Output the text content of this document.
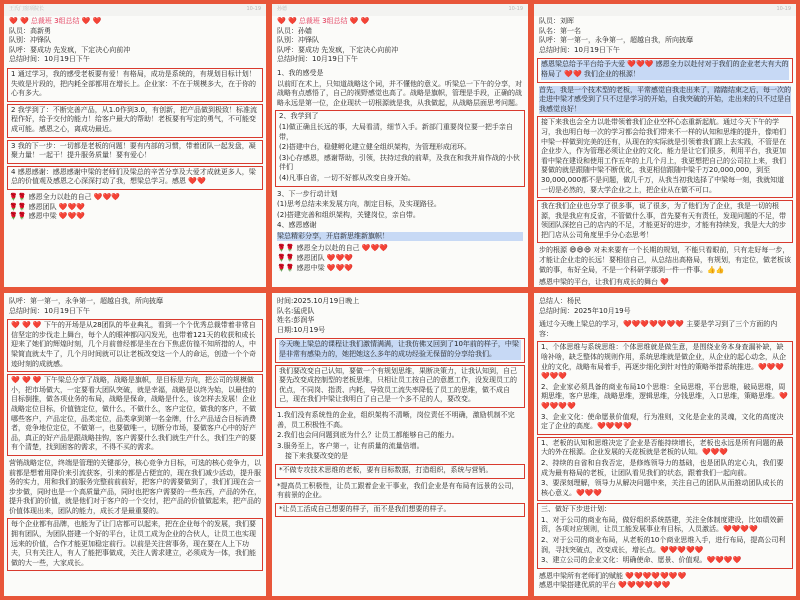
王氏门窗项院长	10-19
❤️ ❤️ 总裁班 3组总结 ❤️ ❤️
队员：高新勇
队别：冲锋队
队呼：要成功 先发疯，下定决心向前冲
总结时间：10月19日下午

1 通过学习，我的感受老板要有爱！有格局，成功是系统的，有规划目标计划！失败是片段的，把内耗全部都用在增长上。企业家：不在于规模多大，在于你的心有多大。

2 我学到了：不断完善产品，从1.0作到3.0，有创新，把产品做到极致！标准流程作好，给予交付的能力！给客户最大的帮助！老板要有写定的勇气，不可能变成可能。感恩之心，离成功最近。

3 我的下一步：一切都是老板的问题！要有内部的习惯，带着团队一起发盘，凝聚力量！一起干！提升服务质量！要有爱心！

4 感恩感谢：感恩感谢中梁的老师们及梁总的辛苦分享及大爱才成就更多人，梁总的价值观及感恩之心深深打动了我，想梁总学习。感恩 ❤️❤️

🌹🌹 感恩全力以赴的自己 ❤️❤️❤️
🌹🌹 感恩团队 ❤️❤️❤️
🌹🌹 感恩中梁 ❤️❤️❤️
孙德	10-19
❤️ ❤️ 总裁班 3组总结 ❤️ ❤️
队员：孙嫱
队别：冲锋队
队呼：要成功 先发疯，下定决心向前冲
总结时间：10月19日下午

1、我的感受是

以前盯在术上，只知道战略这个词，并不懂他的意义。听梁总一下午的分享，对战略有点感悟了，自己的视野感觉也高了。战略是旗帜，管理是手段，正确的战略永远是第一位，企业现状一切根源就是我，从我做起，从战略层面思考问题。

2、我学到了

(1)做正确且长远的事，大局看清，细节入手。新部门重要岗位要一把手亲自带，

(2)搭建中台，稳健孵化建立健全组织架构，为管理形成闭环。

(3)心存感恩，感谢帮助，引领，扶持过我的前辈，及我在和我并肩作战的小伙伴们

(4)凡事自省，一切不好都从改变自身开始。

3、下一步行动计划

(1)思考总结未来发展方向，制定目标，及实现路径。

(2)搭建完善和组织架构，关键岗位，亲自带。

4、感恩感谢

梁总精彩分享，开启新思维新旗帜！

🌹🌹 感恩全力以赴的自己 ❤️❤️❤️
🌹🌹 感恩团队 ❤️❤️❤️
🌹🌹 感恩中梁 ❤️❤️❤️
10-19
队员：刘晖
队名：第一名
队呼：第一第一，永争第一，超越自我，所向披靡
总结时间：10月19日下午

感恩梁总给予平台给予大爱 ❤️❤️❤️ 感恩全力以赴付对于我们的企业老大有大的格局了 ❤️❤️ 我们企业的根源！

首先，我是一个技术型的老板，平常感觉自我走出来了，踏踏结束之后，每一次的走进中梁才感受到了只不过是学习的开始，自我突破的开始，走出来的只不过是自我感觉良好！

接下来我也会全力以赴带领着我们企业空杯心态重新起航。通过今天下午的学习，我也明白每一次的学习都会给我们带来不一样的认知和思维的提升，像咱们中梁一样做到完美的还有，从现在的实际就是引领着我们跟上去实践，不管是在企业步入，作为管理必须让企业的文化、能力是让它们很多，利用平台，我更加看中梁在建设和使用工作五年的上几个月上，我更想把自己的公司拉上来，我们要做的就是跟随中梁不断优化，我更相信跟随中梁千万20,000,000，到至30,000,000都不是问题，做几千万，从我当初我选择了中梁每一刻，我就知道一切是必然的，要大学企业之上，把企业从在做不可口。

我在我们企业也分享了很多事，说了很多，为了他们为了企业，我是一切的根源，我是我应有反省，不管做什么事，首先要有天有责任，发现问题的不足，带领团队深挖自己的店内的不足，才能更好的进步，才能有持续发，我是大大的步把门店从公司角度里手分心态思考！

步的根源 😄😄😄 对未来要有一个长期的规划，不能只看眼前，只有走好每一步，才能让企业走的长远！要相信自己，从总结出高格局，有规划，有定位，做老板该做的事，布好全局，不是一个科研学那到一件一件事。👍👍

感恩中梁的平台，让我们有成长的舞台 ❤️
队呼：第一第一，永争第一，超越自我，所向披靡
总结时间：10月19日下午

❤️ ❤️ ❤️ 下午的开场是从28团队的毕业典礼，看到一个个优秀总裁带着非常自信坚定的步伐走上舞台，每个人的眼神都闪闪发光，也带着121天的收获和成长迎来了她们的辉煌时刻，几个月前曾经都是坐在台下焦虑仿徨不知所措的人，中梁简直就太牛了，几个月时间就可以让老板改变这一个人的命运，创造一个个奇迹时刻的成就感。

❤️ ❤️ ❤️ 下午梁总分享了战略，战略是旗帜，是目标是方向，把公司的规模做小，把市场做大，一定要看大团队突破，就是幸福，战略是以终为始，以最佳的目标倒推，做各项业务的布局，战略是保命，战略是什么，该怎样去发展！企业战略定位目标，价值链定位，做什么，不做什么，客户定位，做我的客户，不做哪些客户，产品定位，品类定位，品类拿到第一名金牌，什么产品适合目标消费者，竞争地位定位，不做第一，也要做唯一，切断分市场，要做客户心中的好产品，真正的好产品是跟战略挂钩，客户需要什么我们就生产什么，我们生产的要有个清楚，找到困客的需求，不得不买的需求。

营销战略定位，终端是管理的关键部分，核心竞争力目标，可选的核心竞争力，以前都是想着用降价来引流获客，引来的都是占便宜的，现在我们减少活动，提升服务的实力，用和我们的服务完整前前前好，把客户的需要做到了，我们们现在会一步步做，同时也是一个高质量产品，同时也把客户需要的一些东西，产品的外在，提升我们的价值，就是他们对于客户的一个交付，把产品的价值做起来，把产品的价值体现出来，团队的能力，成长才是最重要的。

每个企业都有品牌，也能为了让门店都可以起来，把在企业每个的发展，我们要拥有团队，为团队搭建一个好的平台，让员工成为企业的合伙人，让员工也实现远来的价值，合作才能更加稳定前行。以前是关注营事务，现在要在人上下功夫，只有关注人，有人了能把事做成，关注人需求建立，必须成为一体，我们能做的大一些，大家成长。

时间:2025.10月19日晚上
队名:猛虎队
姓名:彭润华
日期:10月19号

今天晚上梁总的课程让我们激情满满，让我仿佛又回到了10年前的样子，中梁是非常有感染力的，她把她这么多年的成功经验无保留的分享给我们。

我们要改变自己认知，要做一个有规划思维，果断决策力，让我认知到，自己要先改变成控制型的老板思维，只相让员工按自己的意愿工作，没发现员工的优点，不同岗、指责、内耗，导致员工流失率降低了员工的思维，做不成自己，现在我们中梁让我明白了自己是一个多不足的人，要改变。

1.我们没有系统性的企业，组织架构不清晰，岗位责任不明确，激励机制不完善，员工积极性不高。

2.我们也会问问题到底为什么？让员工都能够自己的能力。

3.服务至上，客户第一，让有质量的流量倍增。

接下来我要改变的是

*不做专攻技术思维的老板，要有目标数据，打造组织，系统与营销。

*提高员工积极性，让员工跟着企业干事业，我们企业是有布局有远景的公司，有前景的企业。

*让员工活成自己想要的样子，而不是我们想要的样子。

总结人：杨民
总结时间：2025年10月19号

通过今天晚上梁总的学习，❤️❤️❤️❤️❤️❤️❤️ 主要是学习到了三个方面的内容：

1、个体思维与系统思维：个体思维就是做生意，是围绕业务本身查漏补缺，缺啥补啥，缺乏整体的规则作用，系统思维就是做企业，从企业的起心动念，从企业的文化，战略布局着手，再逐步细化到针对性的策略举措系统推进。❤️❤️❤️❤️❤️❤️

2、企业家必须具备的商业布局10个思维：全局思维，平台思维，破局思维，周期思维，客户思维，战略思维，逻辑思维，分钱思维，入口思维，策略思维。❤️❤️❤️❤️❤️

3、企业文化：使命愿景价值观，行为准则，文化是企业的灵魂，文化的高度决定了企业的高度。❤️❤️❤️❤️

1、老板的认知和思维决定了企业是否能持续增长，老板也永远是所有问题的最大的外在根源。企业发展的天花板就是老板的认知。❤️❤️❤️

2、持续的自省和自我否定，是修炼领导力的基础，也是团队的定心丸，我们要成为最有格局的老板，让团队看见我们的状态，跟着我们一起向前。

3、要深刻理解，领导力从解决问题中来，关注自己的团队从而推动团队成长的核心意义。❤️❤️❤️

三、做好下步进计划：

1、对于公司的商业布局，做好组织系统搭建，关注全体制度建设，比如绩效薪资，各项对应规则，让员工能发展事业有目标，人员激活。❤️❤️❤️❤️

2、对于公司的商业布局，从老板的10个商业思维入手，进行布局，提高公司利润，寻找突破点，改变成长，增长点。❤️❤️❤️❤️❤️

3、建立公司的企业文化：明确使命、愿景、价值观。❤️❤️❤️❤️

感恩中梁所有老师们的赋能 ❤️❤️❤️❤️❤️❤️❤️
感恩中梁搭建优质的平台 ❤️❤️❤️❤️❤️❤️
